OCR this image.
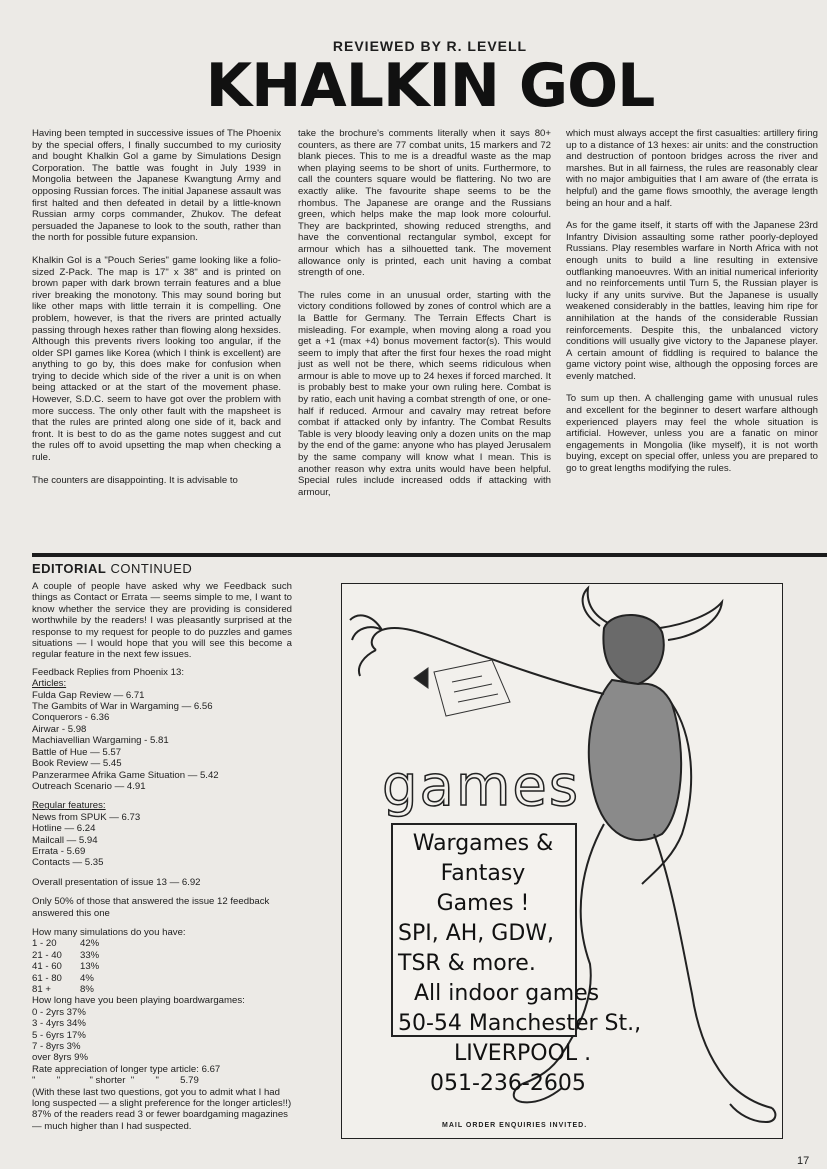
REVIEWED BY R. LEVELL
KHALKIN GOL

Having been tempted in successive issues of The Phoenix by the special offers, I finally succumbed to my curiosity and bought Khalkin Gol a game by Simulations Design Corporation. The battle was fought in July 1939 in Mongolia between the Japanese Kwangtung Army and opposing Russian forces. The initial Japanese assault was first halted and then defeated in detail by a little-known Russian army corps commander, Zhukov. The defeat persuaded the Japanese to look to the south, rather than the north for possible future expansion.

Khalkin Gol is a "Pouch Series" game looking like a folio-sized Z-Pack. The map is 17" x 38" and is printed on brown paper with dark brown terrain features and a blue river breaking the monotony. This may sound boring but like other maps with little terrain it is compelling. One problem, however, is that the rivers are printed actually passing through hexes rather than flowing along hexsides. Although this prevents rivers looking too angular, if the older SPI games like Korea (which I think is excellent) are anything to go by, this does make for confusion when trying to decide which side of the river a unit is on when being attacked or at the start of the movement phase. However, S.D.C. seem to have got over the problem with more success. The only other fault with the mapsheet is that the rules are printed along one side of it, back and front. It is best to do as the game notes suggest and cut the rules off to avoid upsetting the map when checking a rule.

The counters are disappointing. It is advisable to

take the brochure's comments literally when it says 80+ counters, as there are 77 combat units, 15 markers and 72 blank pieces. This to me is a dreadful waste as the map when playing seems to be short of units. Furthermore, to call the counters square would be flattering. No two are exactly alike. The favourite shape seems to be the rhombus. The Japanese are orange and the Russians green, which helps make the map look more colourful. They are backprinted, showing reduced strengths, and have the conventional rectangular symbol, except for armour which has a silhouetted tank. The movement allowance only is printed, each unit having a combat strength of one.

The rules come in an unusual order, starting with the victory conditions followed by zones of control which are a la Battle for Germany. The Terrain Effects Chart is misleading. For example, when moving along a road you get a +1 (max +4) bonus movement factor(s). This would seem to imply that after the first four hexes the road might just as well not be there, which seems ridiculous when armour is able to move up to 24 hexes if forced marched. It is probably best to make your own ruling here. Combat is by ratio, each unit having a combat strength of one, or one-half if reduced. Armour and cavalry may retreat before combat if attacked only by infantry. The Combat Results Table is very bloody leaving only a dozen units on the map by the end of the game: anyone who has played Jerusalem by the same company will know what I mean. This is another reason why extra units would have been helpful. Special rules include increased odds if attacking with armour,

which must always accept the first casualties: artillery firing up to a distance of 13 hexes: air units: and the construction and destruction of pontoon bridges across the river and marshes. But in all fairness, the rules are reasonably clear with no major ambiguities that I am aware of (the errata is helpful) and the game flows smoothly, the average length being an hour and a half.

As for the game itself, it starts off with the Japanese 23rd Infantry Division assaulting some rather poorly-deployed Russians. Play resembles warfare in North Africa with not enough units to build a line resulting in extensive outflanking manoeuvres. With an initial numerical inferiority and no reinforcements until Turn 5, the Russian player is lucky if any units survive. But the Japanese is usually weakened considerably in the battles, leaving him ripe for annihilation at the hands of the considerable Russian reinforcements. Despite this, the unbalanced victory conditions will usually give victory to the Japanese player. A certain amount of fiddling is required to balance the game victory point wise, although the opposing forces are evenly matched.

To sum up then. A challenging game with unusual rules and excellent for the beginner to desert warfare although experienced players may feel the whole situation is artificial. However, unless you are a fanatic on minor engagements in Mongolia (like myself), it is not worth buying, except on special offer, unless you are prepared to go to great lengths modifying the rules.

EDITORIAL CONTINUED

A couple of people have asked why we Feedback such things as Contact or Errata — seems simple to me, I want to know whether the service they are providing is considered worthwhile by the readers! I was pleasantly surprised at the response to my request for people to do puzzles and games situations — I would hope that you will see this become a regular feature in the next few issues.

Feedback Replies from Phoenix 13:
Articles:
Fulda Gap Review — 6.71
The Gambits of War in Wargaming — 6.56
Conquerors - 6.36
Airwar - 5.98
Machiavellian Wargaming - 5.81
Battle of Hue — 5.57
Book Review — 5.45
Panzerarmee Afrika Game Situation — 5.42
Outreach Scenario — 4.91
Regular features:
News from SPUK — 6.73
Hotline — 6.24
Mailcall — 5.94
Errata - 5.69
Contacts — 5.35

Overall presentation of issue 13 — 6.92

Only 50% of those that answered the issue 12 feedback answered this one

How many simulations do you have:
1 - 20	42%
21 - 40	33%
41 - 60	13%
61 - 80	4%
81 +	8%
How long have you been playing boardwargames:
0 - 2yrs 37%
3 - 4yrs 34%
5 - 6yrs 17%
7 - 8yrs 3%
over 8yrs 9%
Rate appreciation of longer type article: 6.67
"        "           " shorter  "        "        5.79
(With these last two questions, got you to admit what I had long suspected — a slight preference for the longer articles!!)
87% of the readers read 3 or fewer boardgaming magazines — much higher than I had suspected.
games
Wargames &
Fantasy
Games !
SPI, AH, GDW,
TSR & more.
All indoor games
50-54 Manchester St.,
LIVERPOOL .
051-236-2605
MAIL ORDER ENQUIRIES INVITED.
17
